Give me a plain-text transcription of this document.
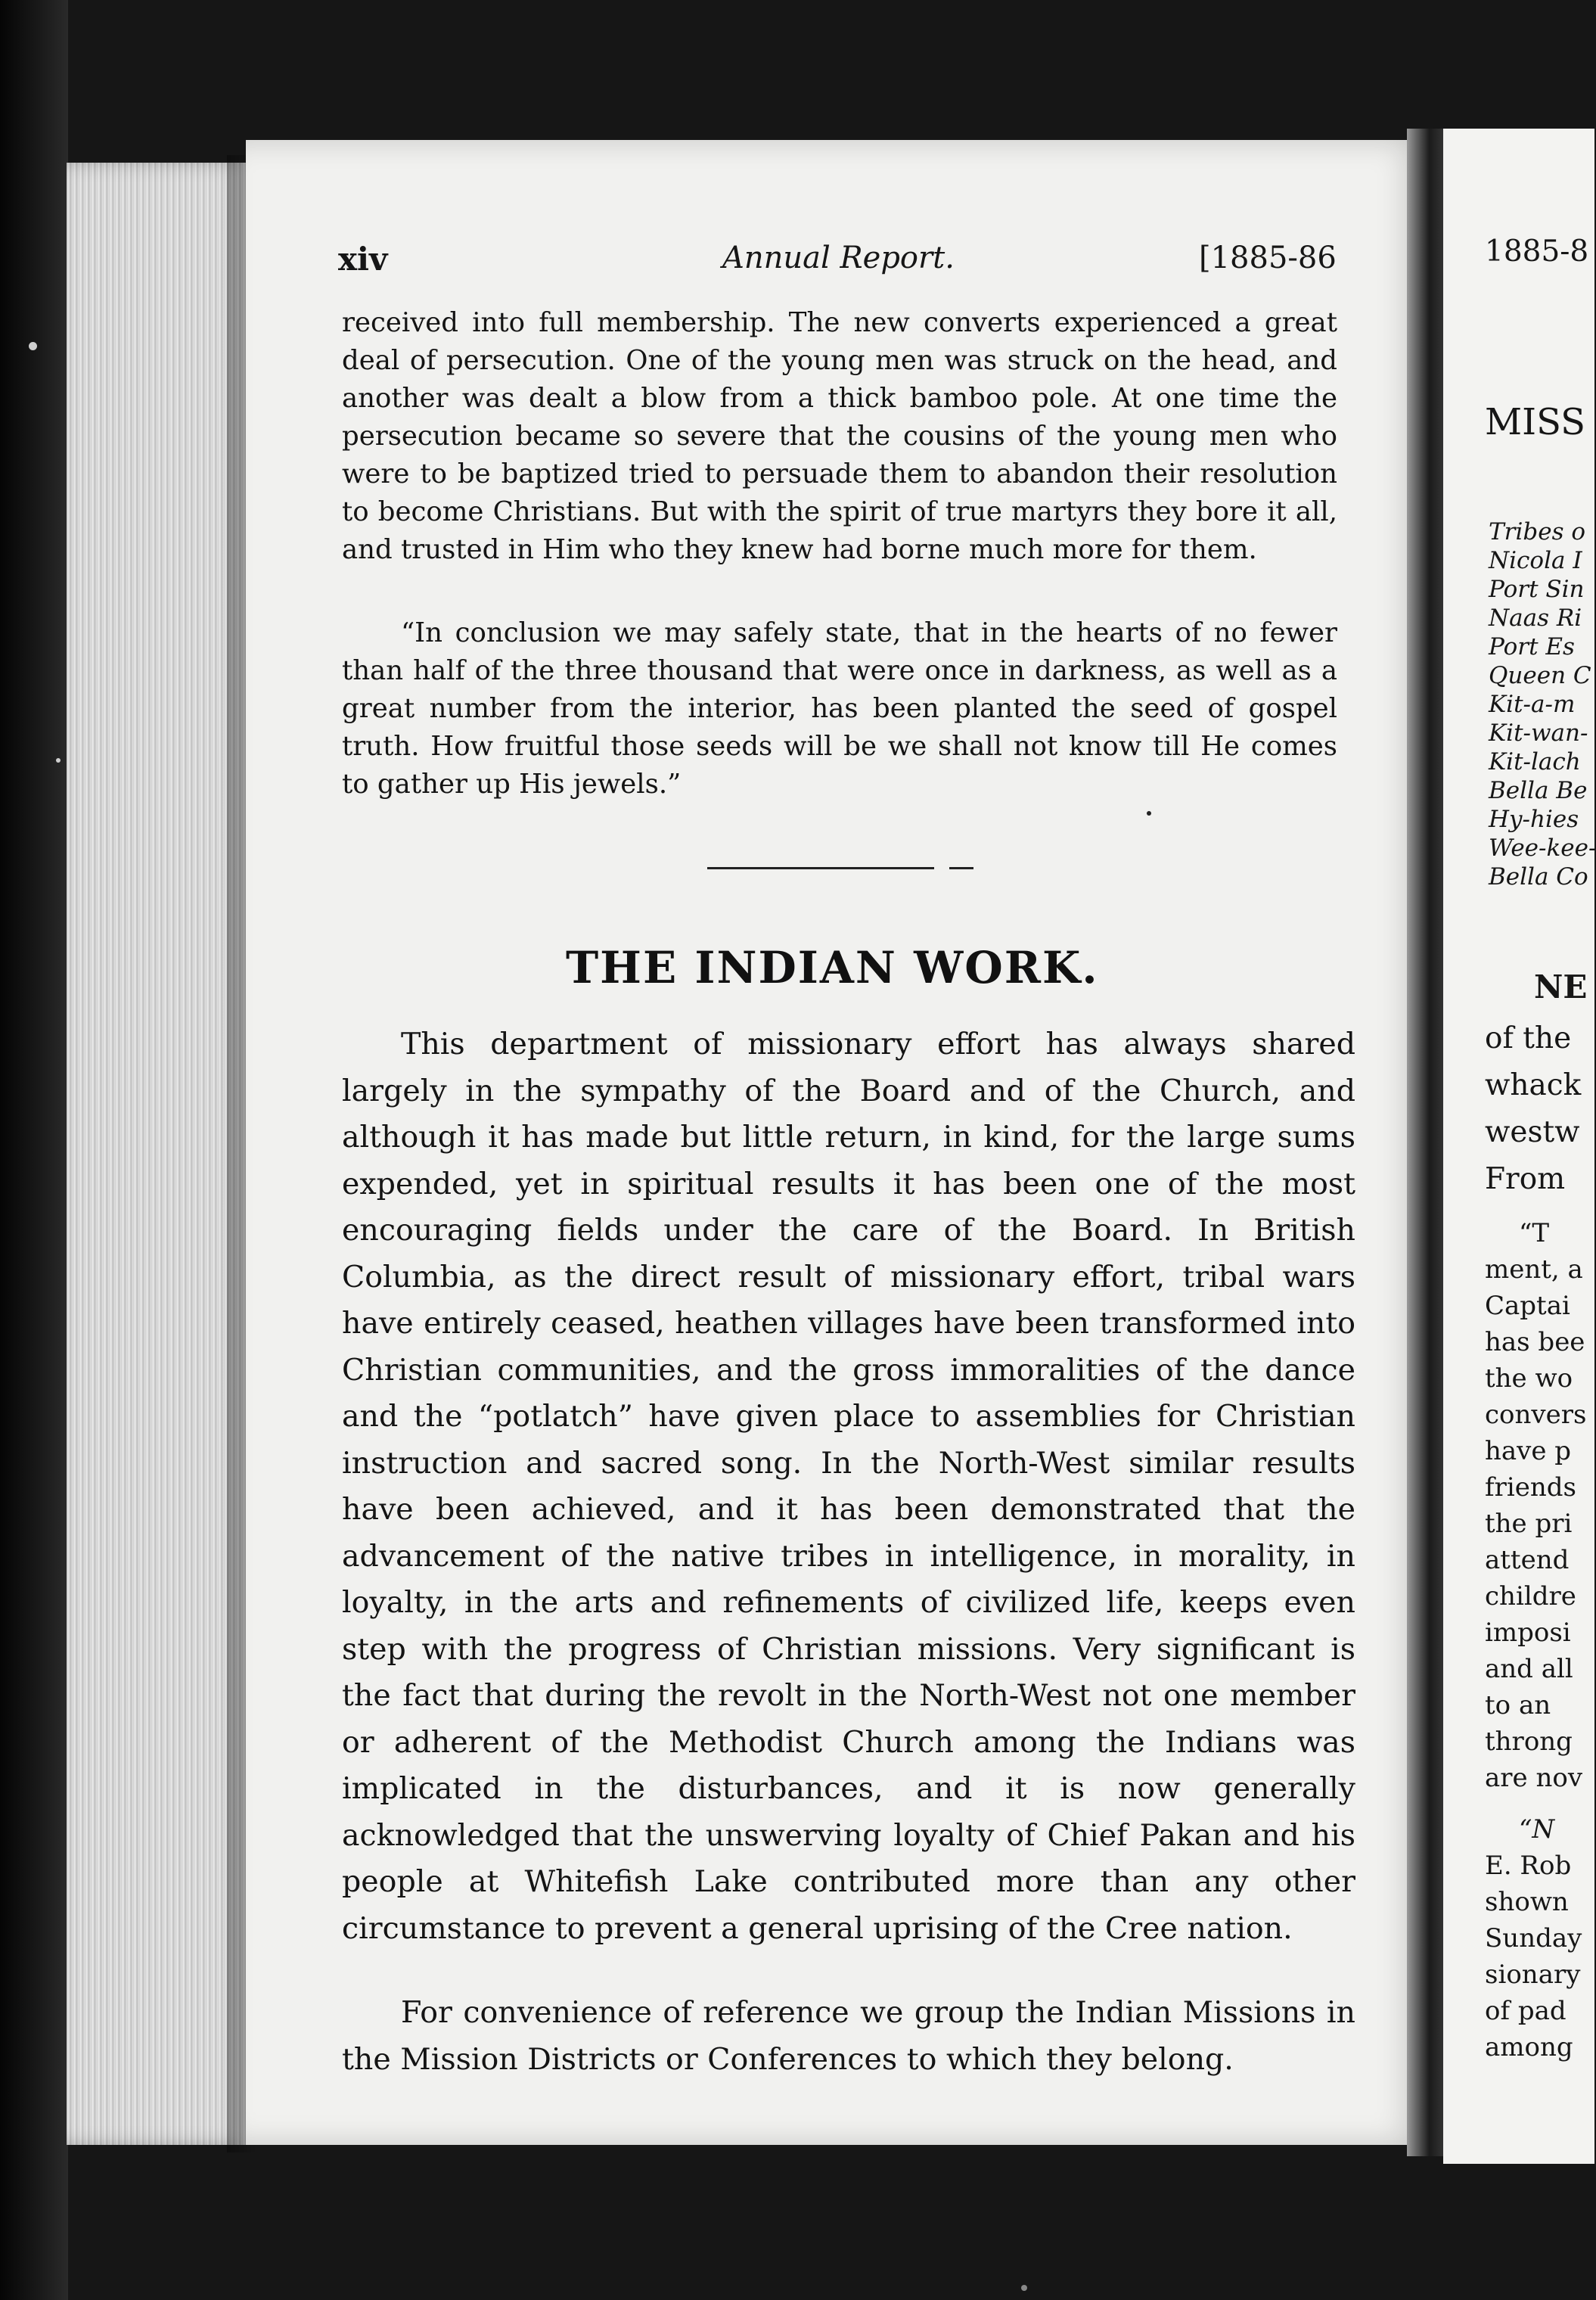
xiv	Annual Report.	[1885-86

received into full membership. The new converts experienced a great deal of persecution. One of the young men was struck on the head, and another was dealt a blow from a thick bamboo pole. At one time the persecution became so severe that the cousins of the young men who were to be baptized tried to persuade them to abandon their resolution to become Christians. But with the spirit of true martyrs they bore it all, and trusted in Him who they knew had borne much more for them.

“In conclusion we may safely state, that in the hearts of no fewer than half of the three thousand that were once in darkness, as well as a great number from the interior, has been planted the seed of gospel truth. How fruitful those seeds will be we shall not know till He comes to gather up His jewels.”

THE INDIAN WORK.

This department of missionary effort has always shared largely in the sympathy of the Board and of the Church, and although it has made but little return, in kind, for the large sums expended, yet in spiritual results it has been one of the most encouraging fields under the care of the Board. In British Columbia, as the direct result of missionary effort, tribal wars have entirely ceased, heathen villages have been transformed into Christian communities, and the gross immoralities of the dance and the “potlatch” have given place to assemblies for Christian instruction and sacred song. In the North-West similar results have been achieved, and it has been demonstrated that the advancement of the native tribes in intelligence, in morality, in loyalty, in the arts and refinements of civilized life, keeps even step with the progress of Christian missions. Very significant is the fact that during the revolt in the North-West not one member or adherent of the Methodist Church among the Indians was implicated in the disturbances, and it is now generally acknowledged that the unswerving loyalty of Chief Pakan and his people at Whitefish Lake contributed more than any other circumstance to prevent a general uprising of the Cree nation.

For convenience of reference we group the Indian Missions in the Mission Districts or Conferences to which they belong.

1885-8
MISS
Tribes o
Nicola I
Port Sin
Naas Ri
Port Es
Queen C
Kit-a-m
Kit-wan-
Kit-lach
Bella Be
Hy-hies
Wee-kee-
Bella Co
NE
of the
whack
westw
From
“T
ment, a
Captai
has bee
the wo
convers
have p
friends
the pri
attend
childre
imposi
and all
to an
throng
are nov
“N
E. Rob
shown
Sunday
sionary
of pad
among
